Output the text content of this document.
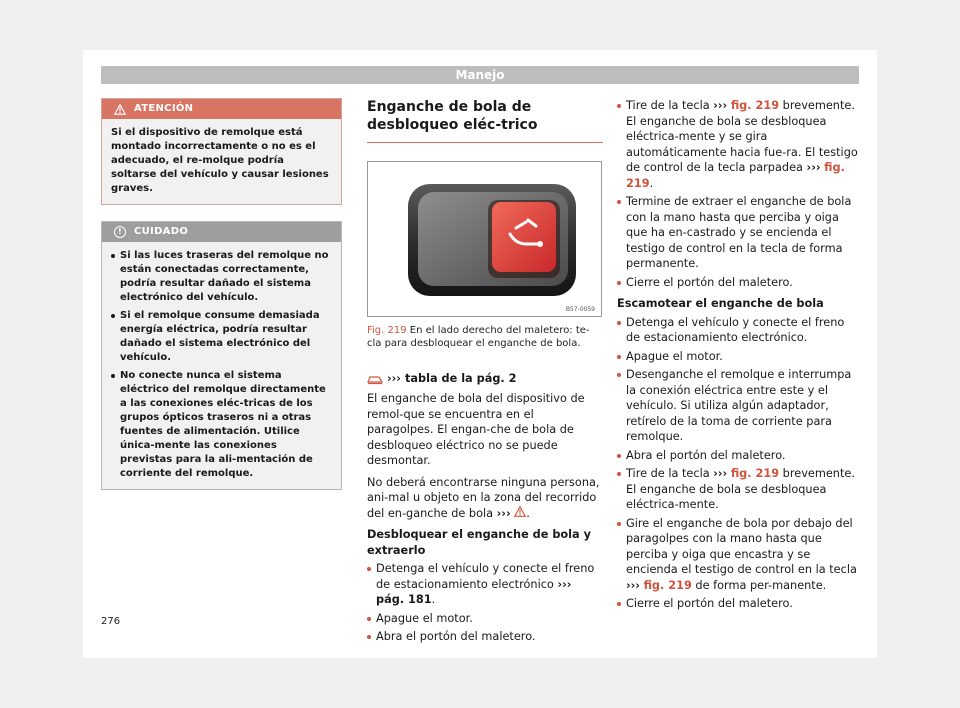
Manejo
ATENCIÓN
Si el dispositivo de remolque está montado incorrectamente o no es el adecuado, el re-molque podría soltarse del vehículo y causar lesiones graves.
!	CUIDADO
Si las luces traseras del remolque no están conectadas correctamente, podría resultar dañado el sistema electrónico del vehículo.
Si el remolque consume demasiada energía eléctrica, podría resultar dañado el sistema electrónico del vehículo.
No conecte nunca el sistema eléctrico del remolque directamente a las conexiones eléc-tricas de los grupos ópticos traseros ni a otras fuentes de alimentación. Utilice única-mente las conexiones previstas para la ali-mentación de corriente del remolque.
Enganche de bola de desbloqueo eléc-trico
B57-0059
Fig. 219 En el lado derecho del maletero: te-cla para desbloquear el enganche de bola.
››› tabla de la pág. 2
El enganche de bola del dispositivo de remol-que se encuentra en el paragolpes. El engan-che de bola de desbloqueo eléctrico no se puede desmontar.
No deberá encontrarse ninguna persona, ani-mal u objeto en la zona del recorrido del en-ganche de bola ››› .
Desbloquear el enganche de bola y extraerlo
Detenga el vehículo y conecte el freno de estacionamiento electrónico ››› pág. 181.
Apague el motor.
Abra el portón del maletero.
Tire de la tecla ››› fig. 219 brevemente. El enganche de bola se desbloquea eléctrica-mente y se gira automáticamente hacia fue-ra. El testigo de control de la tecla parpadea ››› fig. 219.
Termine de extraer el enganche de bola con la mano hasta que perciba y oiga que ha en-castrado y se encienda el testigo de control en la tecla de forma permanente.
Cierre el portón del maletero.
Escamotear el enganche de bola
Detenga el vehículo y conecte el freno de estacionamiento electrónico.
Apague el motor.
Desenganche el remolque e interrumpa la conexión eléctrica entre este y el vehículo. Si utiliza algún adaptador, retírelo de la toma de corriente para remolque.
Abra el portón del maletero.
Tire de la tecla ››› fig. 219 brevemente. El enganche de bola se desbloquea eléctrica-mente.
Gire el enganche de bola por debajo del paragolpes con la mano hasta que perciba y oiga que encastra y se encienda el testigo de control en la tecla ››› fig. 219 de forma per-manente.
Cierre el portón del maletero.
276
